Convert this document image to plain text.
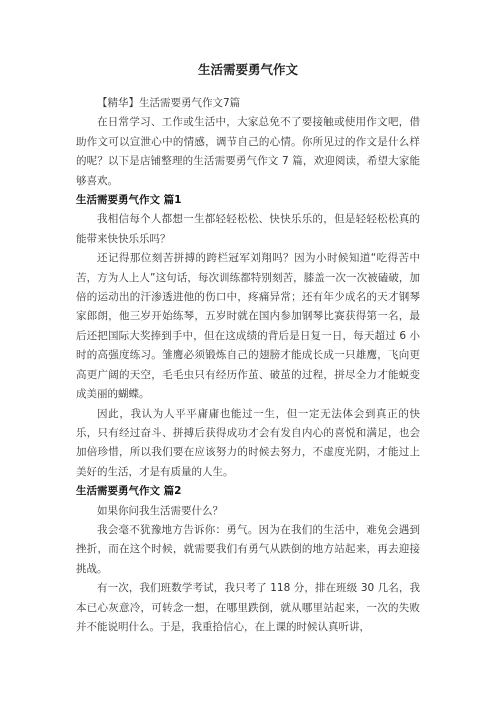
生活需要勇气作文

【精华】生活需要勇气作文7篇

在日常学习、工作或生活中，大家总免不了要接触或使用作文吧，借助作文可以宣泄心中的情感，调节自己的心情。你所见过的作文是什么样的呢？以下是店铺整理的生活需要勇气作文 7 篇，欢迎阅读，希望大家能够喜欢。

生活需要勇气作文 篇1

我相信每个人都想一生都轻轻松松、快快乐乐的，但是轻轻松松真的能带来快快乐乐吗？

还记得那位刻苦拼搏的跨栏冠军刘翔吗？因为小时候知道“吃得苦中苦，方为人上人”这句话，每次训练都特别刻苦，膝盖一次一次被磕破，加倍的运动出的汗渗透进他的伤口中，疼痛异常；还有年少成名的天才钢琴家郎朗，他三岁开始练琴，五岁时就在国内参加钢琴比赛获得第一名，最后还把国际大奖捧到手中，但在这成绩的背后是日复一日，每天超过 6 小时的高强度练习。雏鹰必须锻炼自己的翅膀才能成长成一只雄鹰，飞向更高更广阔的天空，毛毛虫只有经历作茧、破茧的过程，拼尽全力才能蜕变成美丽的蝴蝶。

因此，我认为人平平庸庸也能过一生，但一定无法体会到真正的快乐，只有经过奋斗、拼搏后获得成功才会有发自内心的喜悦和满足，也会加倍珍惜，所以我们要在应该努力的时候去努力，不虚度光阴，才能过上美好的生活，才是有质量的人生。

生活需要勇气作文 篇2

如果你问我生活需要什么？

我会毫不犹豫地方告诉你：勇气。因为在我们的生活中，难免会遇到挫折，而在这个时候，就需要我们有勇气从跌倒的地方站起来，再去迎接挑战。

有一次，我们班数学考试，我只考了 118 分，排在班级 30 几名，我本已心灰意冷，可转念一想，在哪里跌倒，就从哪里站起来，一次的失败并不能说明什么。于是，我重拾信心，在上课的时候认真听讲，
